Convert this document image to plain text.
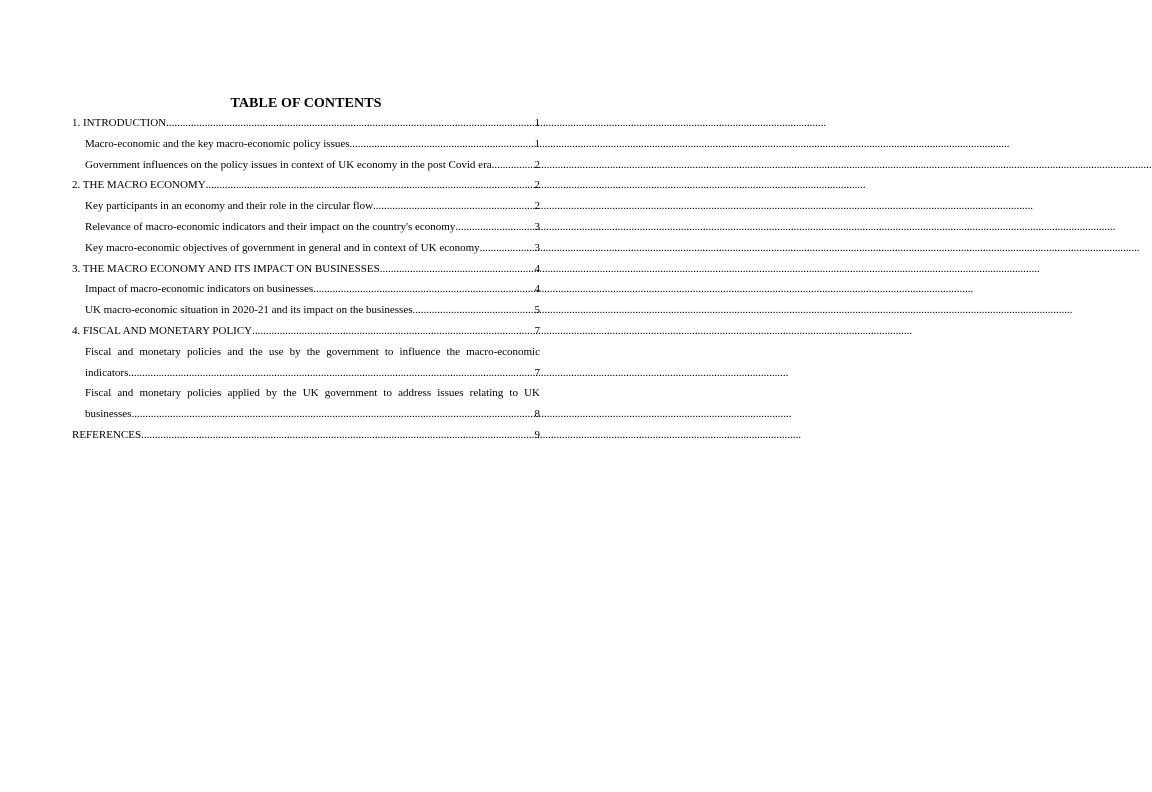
TABLE OF CONTENTS
1. INTRODUCTION .....	1
Macro-economic and the key macro-economic policy issues .....	1
Government influences on the policy issues in context of UK economy in the post Covid era .....	2
2. THE MACRO ECONOMY .....	2
Key participants in an economy and their role in the circular flow .....	2
Relevance of macro-economic indicators and their impact on the country's economy .....	3
Key macro-economic objectives of government in general and in context of UK economy .....	3
3. THE MACRO ECONOMY AND ITS IMPACT ON BUSINESSES .....	4
Impact of macro-economic indicators on businesses .....	4
UK macro-economic situation in 2020-21 and its impact on the businesses .....	5
4. FISCAL AND MONETARY POLICY .....	7
Fiscal and monetary policies and the use by the government to influence the macro-economic
indicators .....	7
Fiscal and monetary policies applied by the UK government to address issues relating to UK
businesses .....	8
REFERENCES .....	9
